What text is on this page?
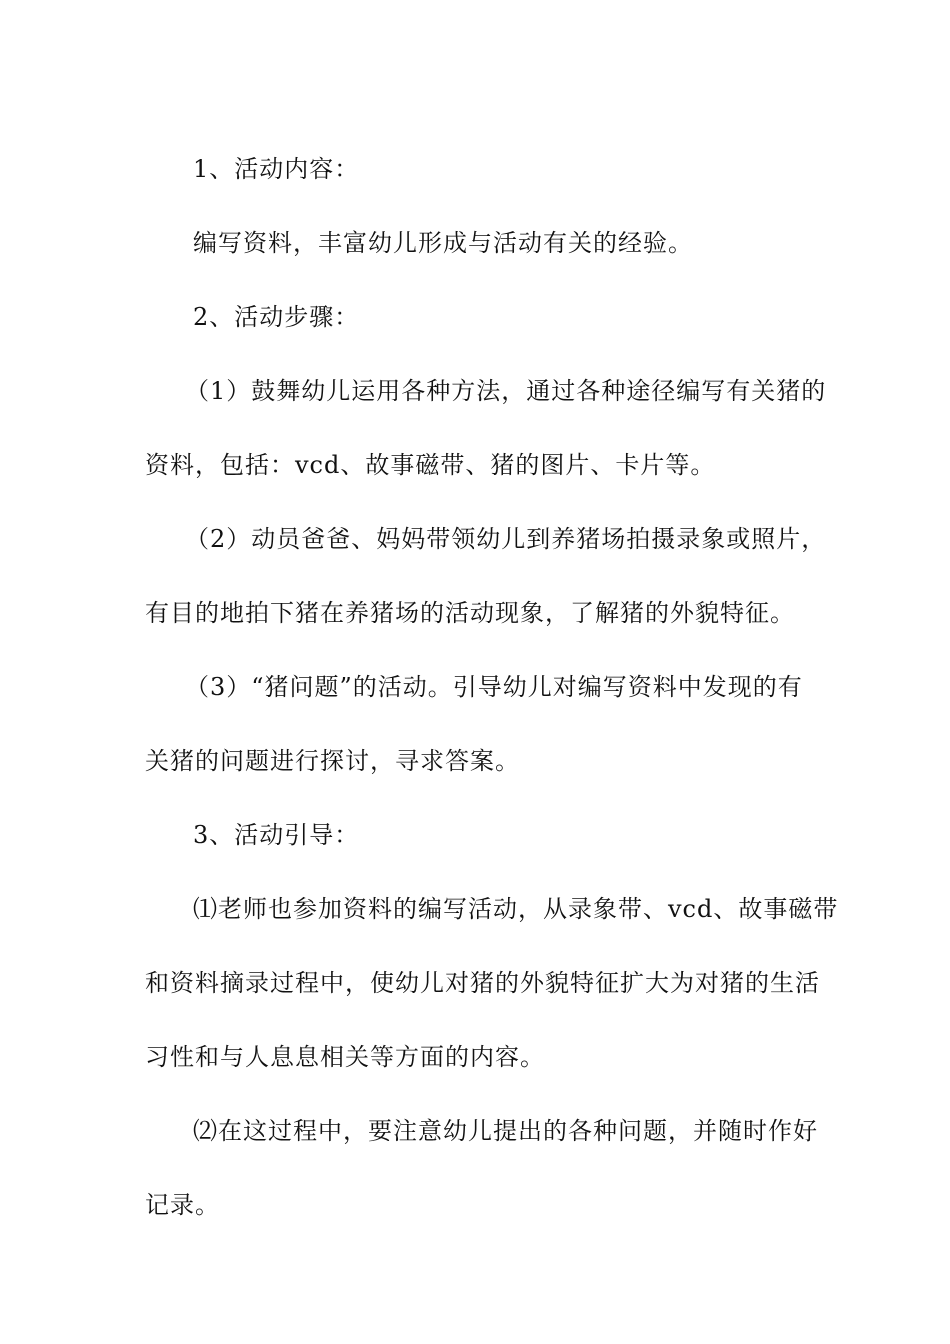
1、活动内容：
编写资料，丰富幼儿形成与活动有关的经验。
2、活动步骤：
（1）鼓舞幼儿运用各种方法，通过各种途径编写有关猪的
资料，包括：vcd、故事磁带、猪的图片、卡片等。
（2）动员爸爸、妈妈带领幼儿到养猪场拍摄录象或照片，
有目的地拍下猪在养猪场的活动现象，了解猪的外貌特征。
（3）“猪问题”的活动。引导幼儿对编写资料中发现的有
关猪的问题进行探讨，寻求答案。
3、活动引导：
⑴老师也参加资料的编写活动，从录象带、vcd、故事磁带
和资料摘录过程中，使幼儿对猪的外貌特征扩大为对猪的生活
习性和与人息息相关等方面的内容。
⑵在这过程中，要注意幼儿提出的各种问题，并随时作好
记录。
